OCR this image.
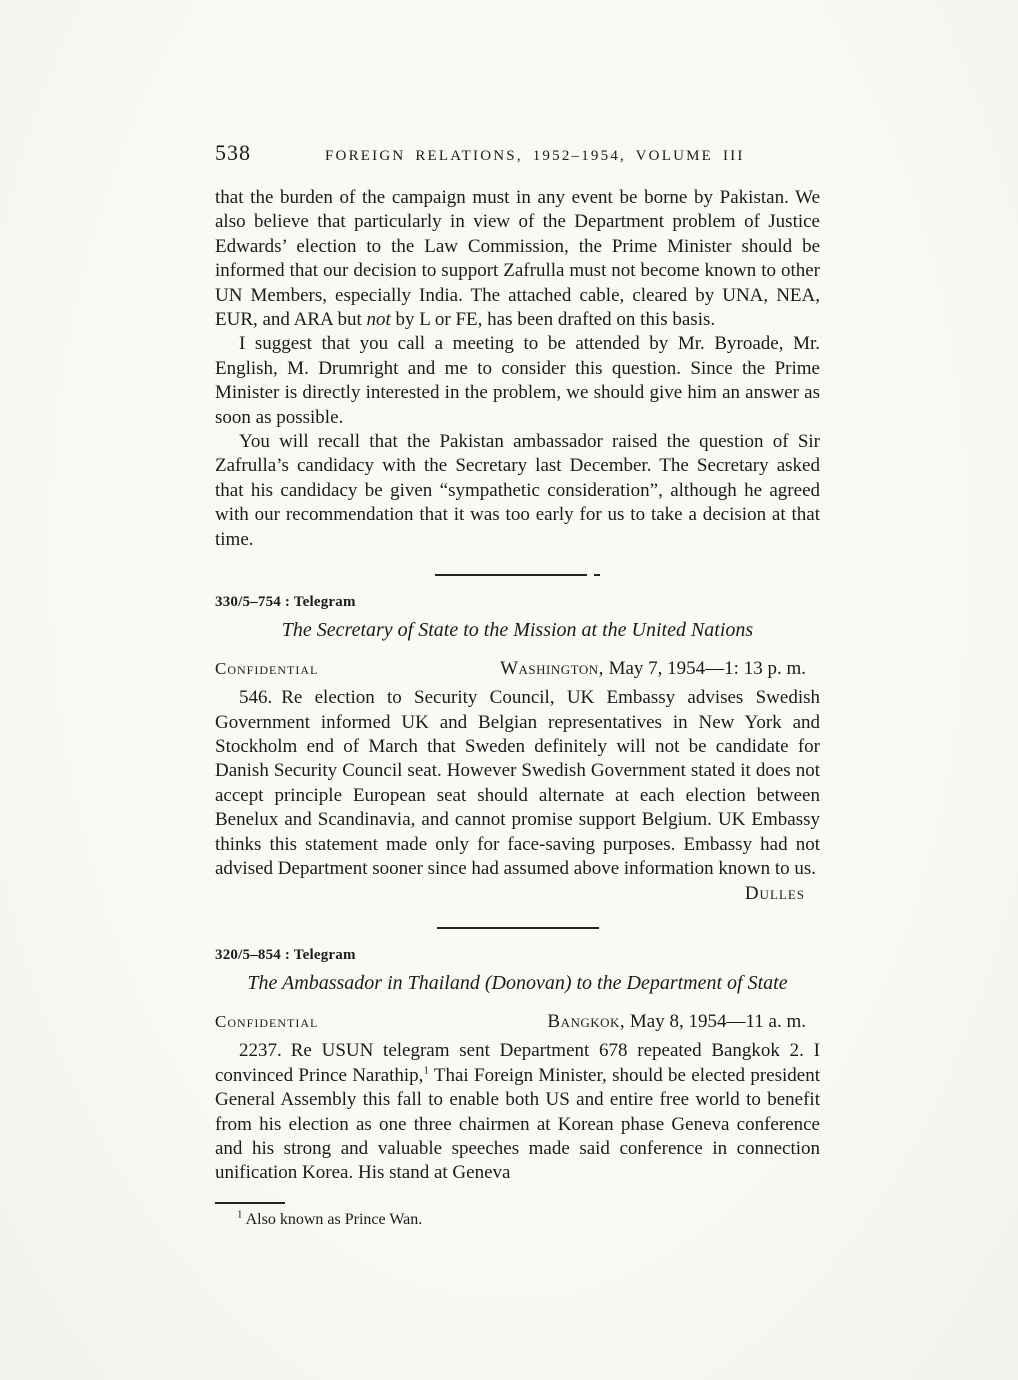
538	FOREIGN RELATIONS, 1952–1954, VOLUME III

that the burden of the campaign must in any event be borne by Pakistan. We also believe that particularly in view of the Department problem of Justice Edwards’ election to the Law Commission, the Prime Minister should be informed that our decision to support Zafrulla must not become known to other UN Members, especially India. The attached cable, cleared by UNA, NEA, EUR, and ARA but not by L or FE, has been drafted on this basis.

I suggest that you call a meeting to be attended by Mr. Byroade, Mr. English, M. Drumright and me to consider this question. Since the Prime Minister is directly interested in the problem, we should give him an answer as soon as possible.

You will recall that the Pakistan ambassador raised the question of Sir Zafrulla’s candidacy with the Secretary last December. The Secretary asked that his candidacy be given “sympathetic consideration”, although he agreed with our recommendation that it was too early for us to take a decision at that time.

330/5–754 : Telegram
The Secretary of State to the Mission at the United Nations
Confidential	Washington, May 7, 1954—1: 13 p. m.

546. Re election to Security Council, UK Embassy advises Swedish Government informed UK and Belgian representatives in New York and Stockholm end of March that Sweden definitely will not be candidate for Danish Security Council seat. However Swedish Government stated it does not accept principle European seat should alternate at each election between Benelux and Scandinavia, and cannot promise support Belgium. UK Embassy thinks this statement made only for face-saving purposes. Embassy had not advised Department sooner since had assumed above information known to us.

Dulles
320/5–854 : Telegram
The Ambassador in Thailand (Donovan) to the Department of State
Confidential	Bangkok, May 8, 1954—11 a. m.

2237. Re USUN telegram sent Department 678 repeated Bangkok 2. I convinced Prince Narathip,$^1$ Thai Foreign Minister, should be elected president General Assembly this fall to enable both US and entire free world to benefit from his election as one three chairmen at Korean phase Geneva conference and his strong and valuable speeches made said conference in connection unification Korea. His stand at Geneva

$^1$ Also known as Prince Wan.
